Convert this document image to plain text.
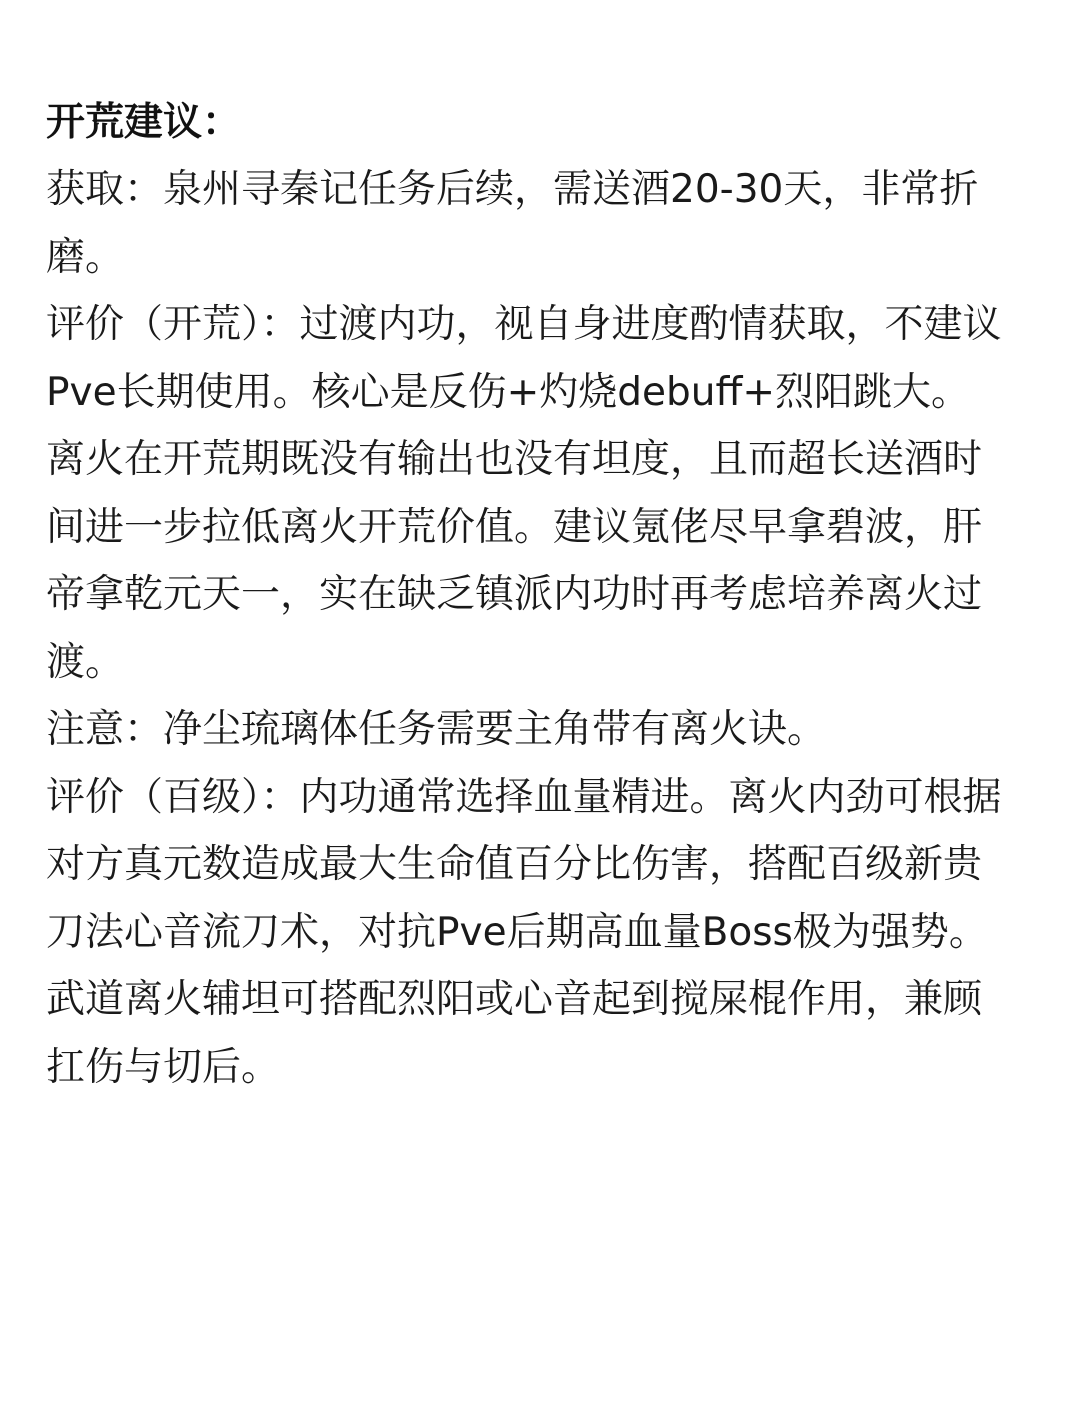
开荒建议：

获取：泉州寻秦记任务后续，需送酒20-30天，非常折磨。

评价（开荒）：过渡内功，视自身进度酌情获取，不建议Pve长期使用。核心是反伤+灼烧debuff+烈阳跳大。

离火在开荒期既没有输出也没有坦度，且而超长送酒时间进一步拉低离火开荒价值。建议氪佬尽早拿碧波，肝帝拿乾元天一，实在缺乏镇派内功时再考虑培养离火过渡。

注意：净尘琉璃体任务需要主角带有离火诀。

评价（百级）：内功通常选择血量精进。离火内劲可根据对方真元数造成最大生命值百分比伤害，搭配百级新贵刀法心音流刀术，对抗Pve后期高血量Boss极为强势。

武道离火辅坦可搭配烈阳或心音起到搅屎棍作用，兼顾扛伤与切后。
